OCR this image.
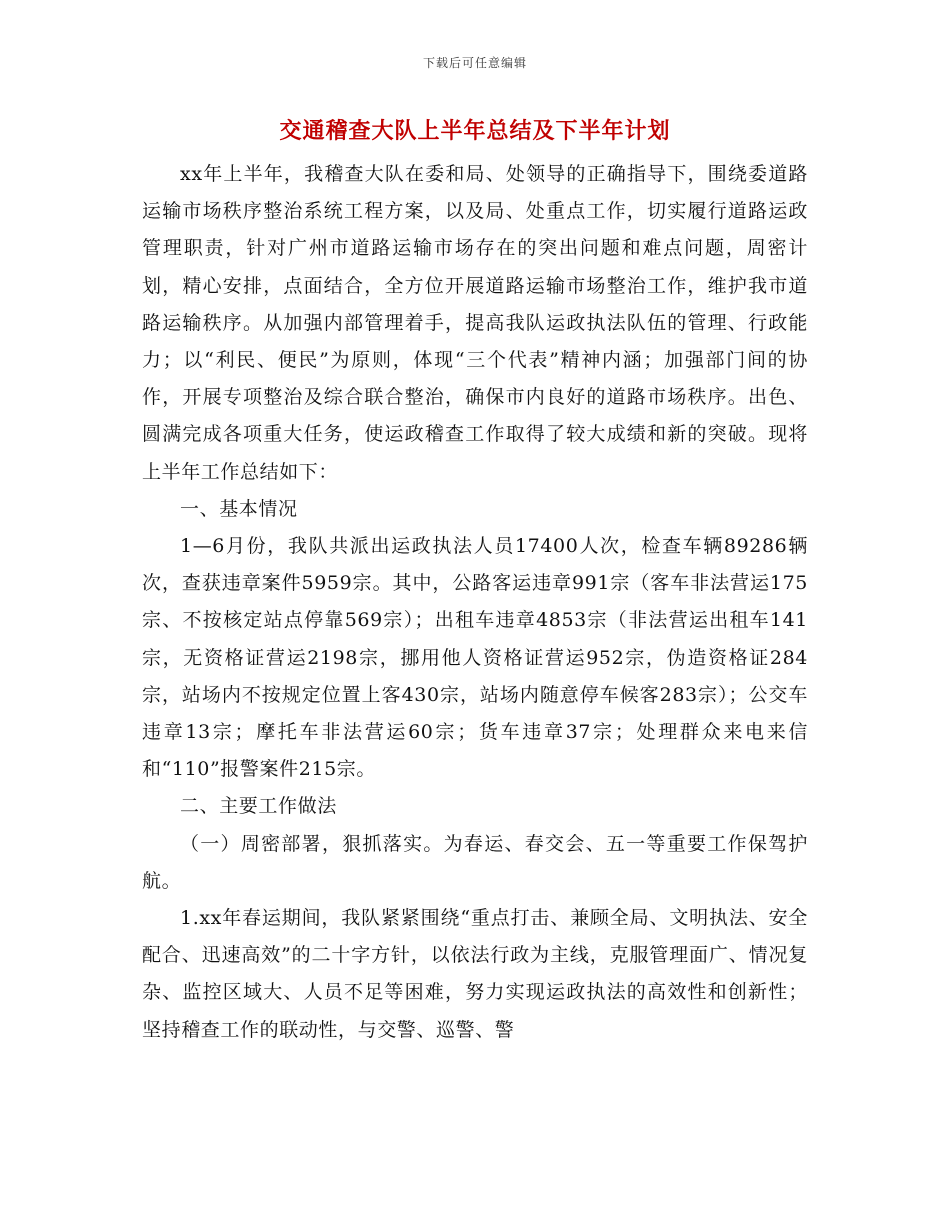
下载后可任意编辑
交通稽查大队上半年总结及下半年计划

xx年上半年，我稽查大队在委和局、处领导的正确指导下，围绕委道路运输市场秩序整治系统工程方案，以及局、处重点工作，切实履行道路运政管理职责，针对广州市道路运输市场存在的突出问题和难点问题，周密计划，精心安排，点面结合，全方位开展道路运输市场整治工作，维护我市道路运输秩序。从加强内部管理着手，提高我队运政执法队伍的管理、行政能力；以“利民、便民”为原则，体现“三个代表”精神内涵；加强部门间的协作，开展专项整治及综合联合整治，确保市内良好的道路市场秩序。出色、圆满完成各项重大任务，使运政稽查工作取得了较大成绩和新的突破。现将上半年工作总结如下：

一、基本情况

1—6月份，我队共派出运政执法人员17400人次，检查车辆89286辆次，查获违章案件5959宗。其中，公路客运违章991宗（客车非法营运175宗、不按核定站点停靠569宗）；出租车违章4853宗（非法营运出租车141宗，无资格证营运2198宗，挪用他人资格证营运952宗，伪造资格证284宗，站场内不按规定位置上客430宗，站场内随意停车候客283宗）；公交车违章13宗；摩托车非法营运60宗；货车违章37宗；处理群众来电来信和“110”报警案件215宗。

二、主要工作做法

（一）周密部署，狠抓落实。为春运、春交会、五一等重要工作保驾护航。

1.xx年春运期间，我队紧紧围绕“重点打击、兼顾全局、文明执法、安全配合、迅速高效”的二十字方针，以依法行政为主线，克服管理面广、情况复杂、监控区域大、人员不足等困难，努力实现运政执法的高效性和创新性；坚持稽查工作的联动性，与交警、巡警、警
